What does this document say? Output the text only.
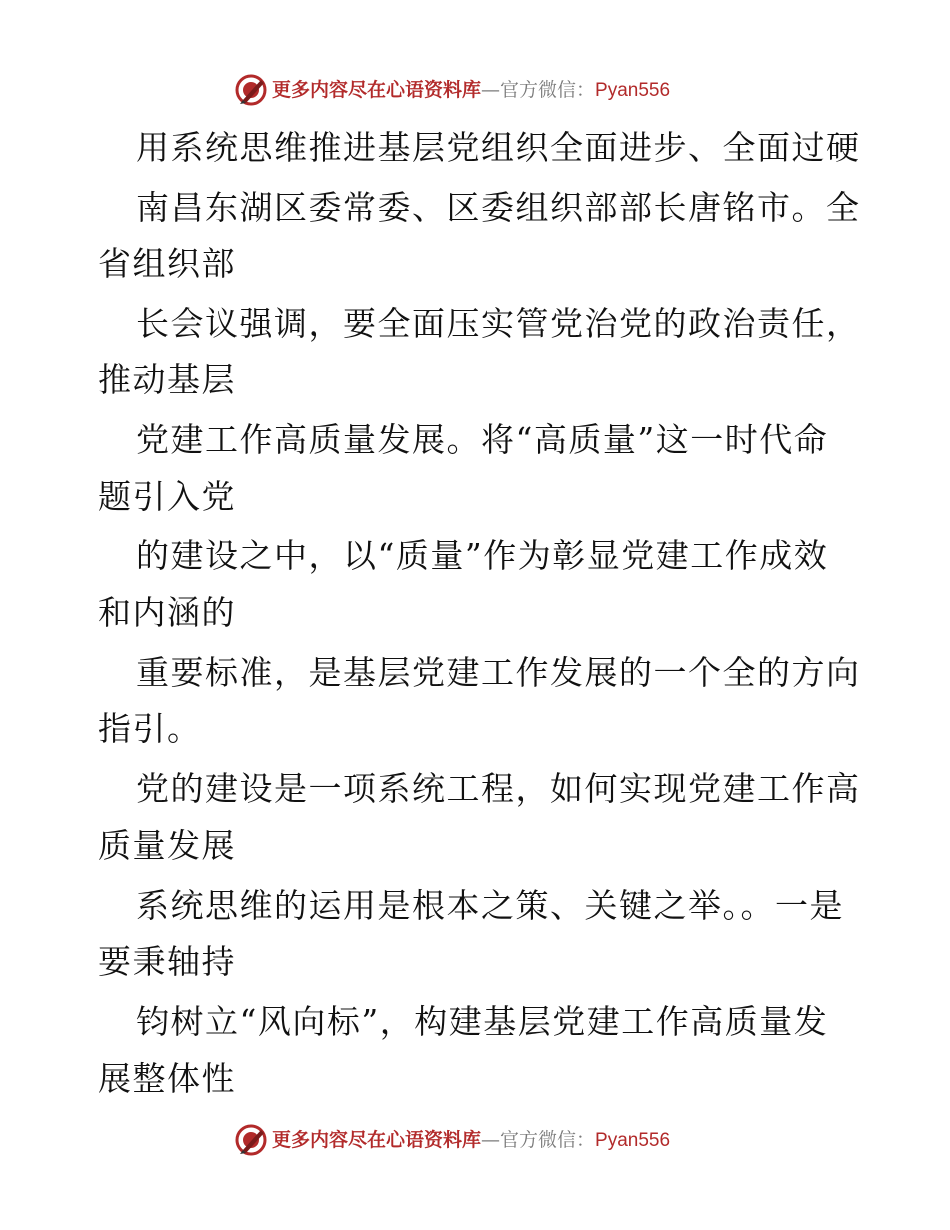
更多内容尽在心语资料库—官方微信：Pyan556
用系统思维推进基层党组织全面进步、全面过硬
南昌东湖区委常委、区委组织部部长唐铭市。全
省组织部
长会议强调，要全面压实管党治党的政治责任，
推动基层
党建工作高质量发展。将“高质量”这一时代命
题引入党
的建设之中，以“质量”作为彰显党建工作成效
和内涵的
重要标准，是基层党建工作发展的一个全的方向
指引。
党的建设是一项系统工程，如何实现党建工作高
质量发展
系统思维的运用是根本之策、关键之举。。一是
要秉轴持
钧树立“风向标”，构建基层党建工作高质量发
展整体性
更多内容尽在心语资料库—官方微信：Pyan556
